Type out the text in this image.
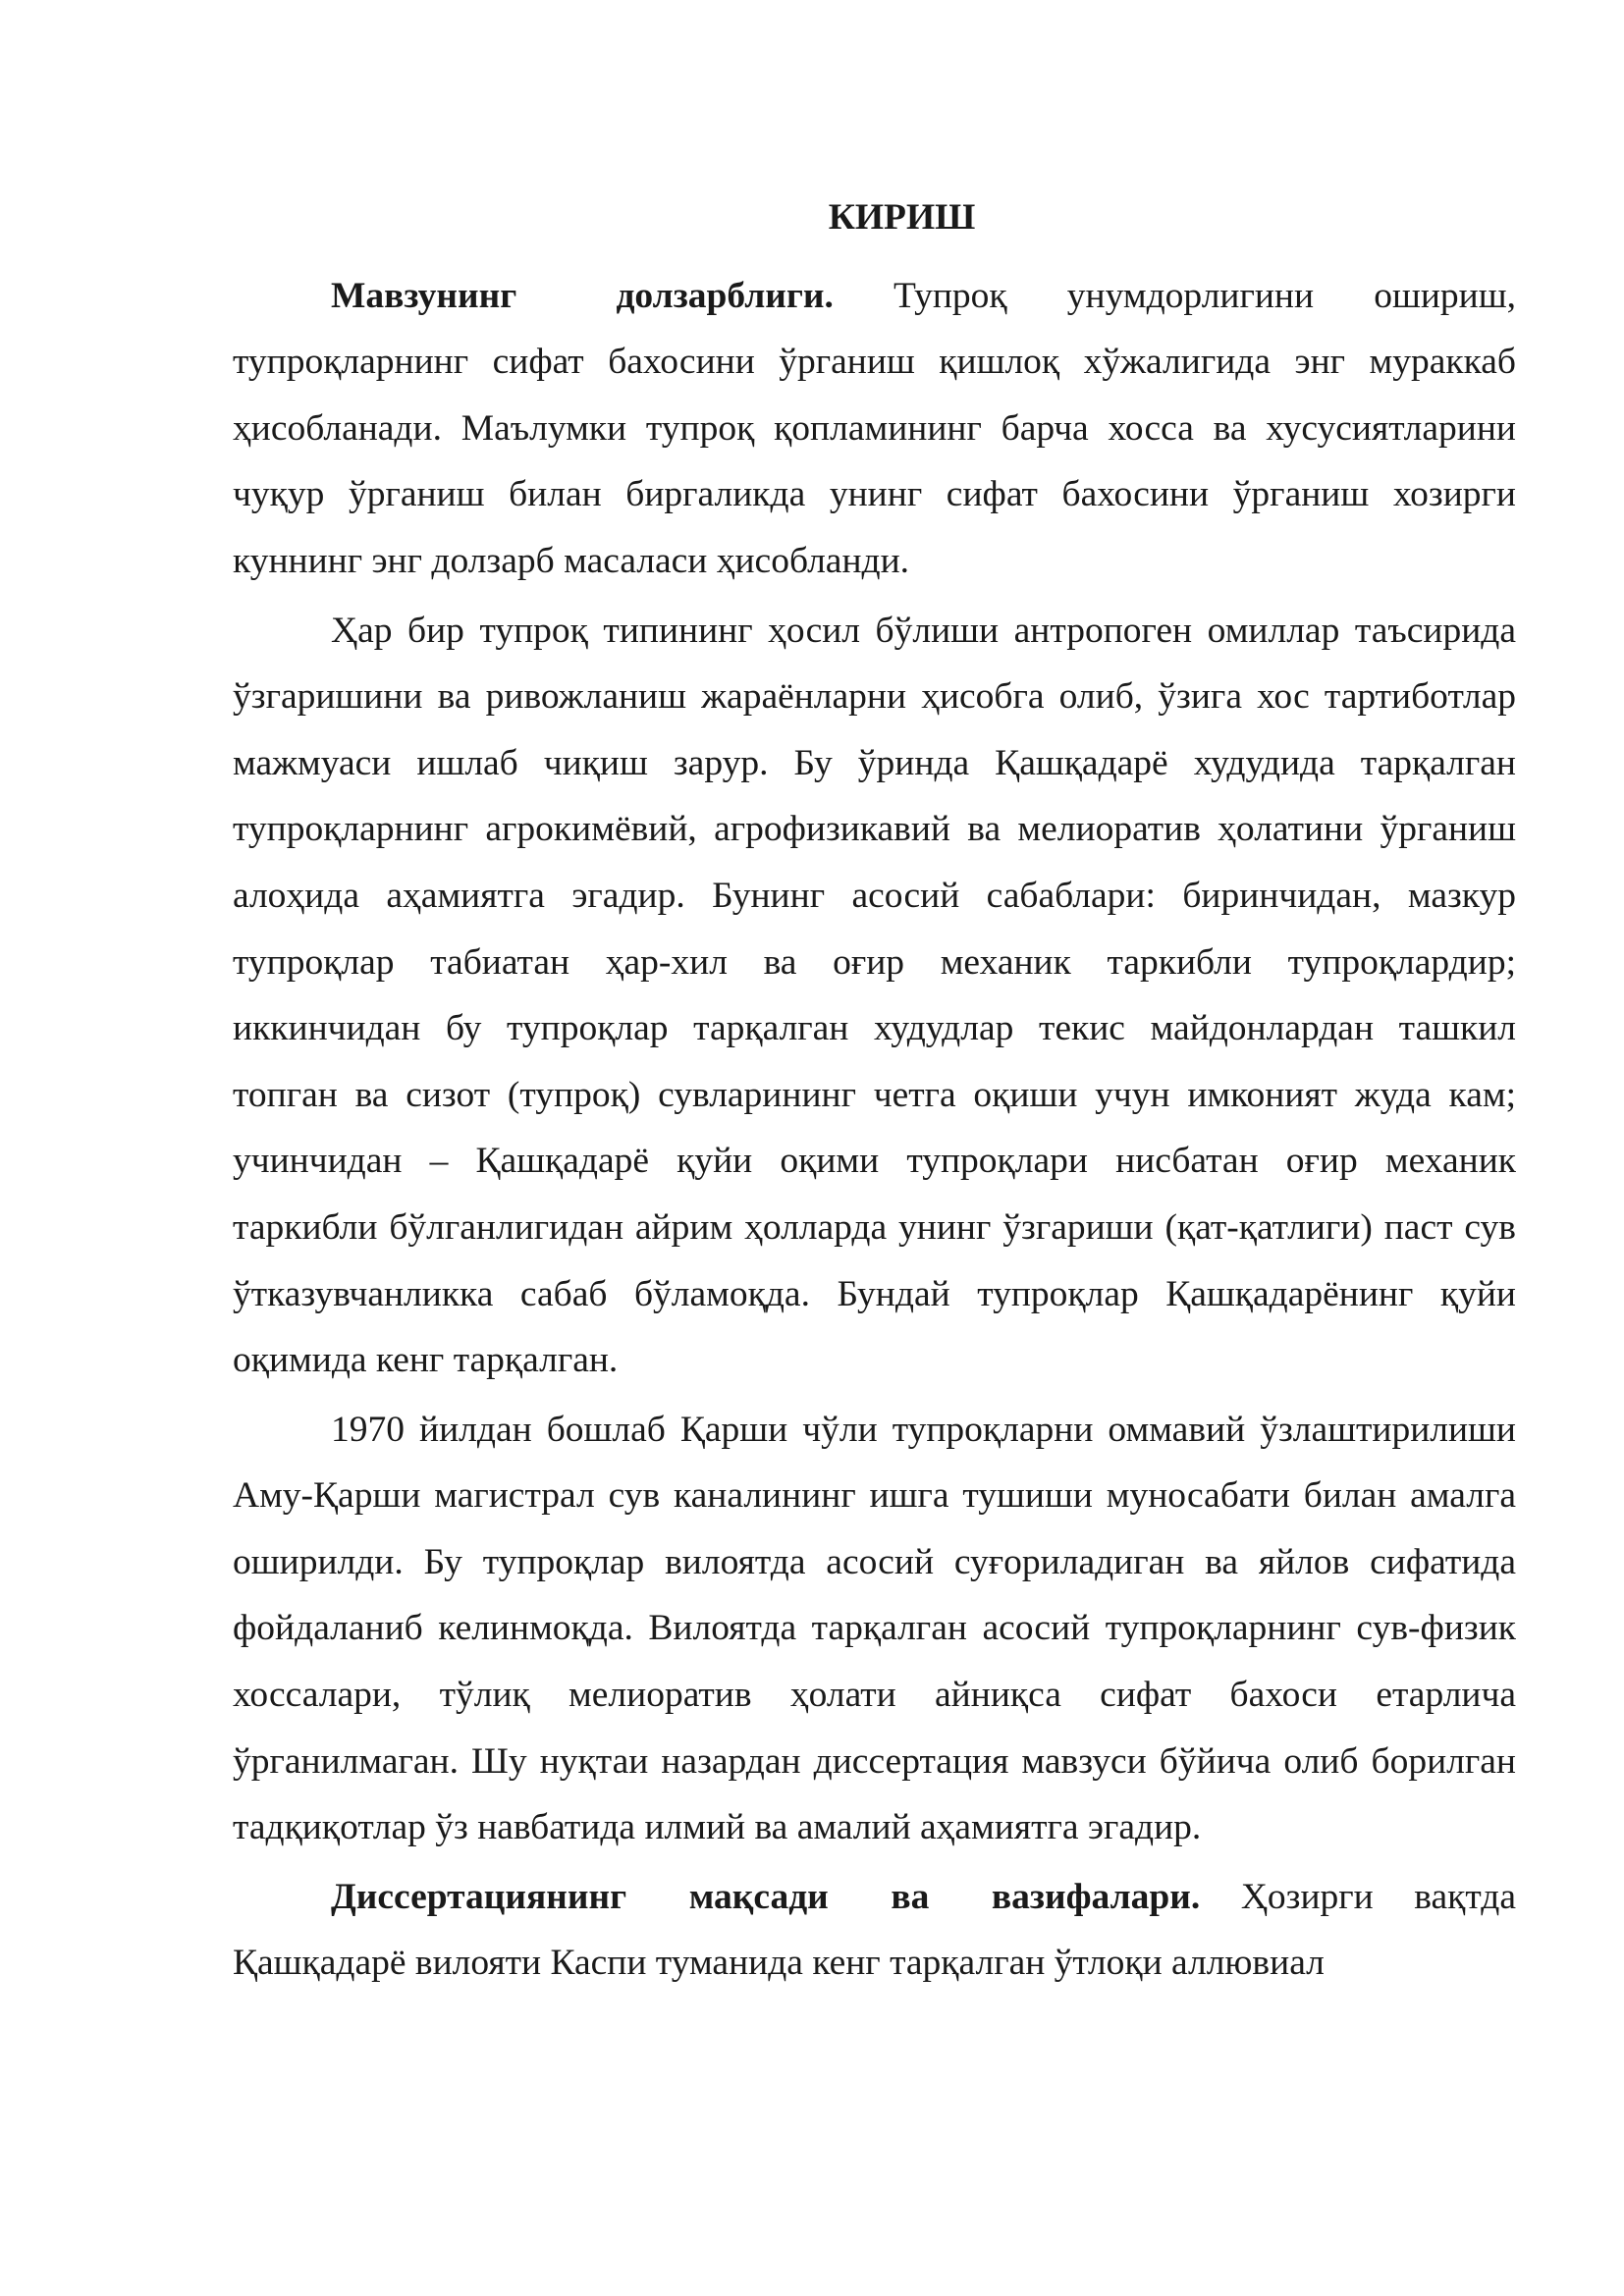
КИРИШ

Мавзунинг долзарблиги. Тупроқ унумдорлигини ошириш, тупроқларнинг сифат бахосини ўрганиш қишлоқ хўжалигида энг мураккаб ҳисобланади. Маълумки тупроқ қопламининг барча хосса ва хусусиятларини чуқур ўрганиш билан биргаликда унинг сифат бахосини ўрганиш хозирги куннинг энг долзарб масаласи ҳисобланди.

Ҳар бир тупроқ типининг ҳосил бўлиши антропоген омиллар таъсирида ўзгаришини ва ривожланиш жараёнларни ҳисобга олиб, ўзига хос тартиботлар мажмуаси ишлаб чиқиш зарур. Бу ўринда Қашқадарё худудида тарқалган тупроқларнинг агрокимёвий, агрофизикавий ва мелиоратив ҳолатини ўрганиш алоҳида аҳамиятга эгадир. Бунинг асосий сабаблари: биринчидан, мазкур тупроқлар табиатан ҳар-хил ва оғир механик таркибли тупроқлардир; иккинчидан бу тупроқлар тарқалган худудлар текис майдонлардан ташкил топган ва сизот (тупроқ) сувларининг четга оқиши учун имконият жуда кам; учинчидан – Қашқадарё қуйи оқими тупроқлари нисбатан оғир механик таркибли бўлганлигидан айрим ҳолларда унинг ўзгариши (қат-қатлиги) паст сув ўтказувчанликка сабаб бўламоқда. Бундай тупроқлар Қашқадарёнинг қуйи оқимида кенг тарқалган.

1970 йилдан бошлаб Қарши чўли тупроқларни оммавий ўзлаштирилиши Аму-Қарши магистрал сув каналининг ишга тушиши муносабати билан амалга оширилди. Бу тупроқлар вилоятда асосий суғориладиган ва яйлов сифатида фойдаланиб келинмоқда. Вилоятда тарқалган асосий тупроқларнинг сув-физик хоссалари, тўлиқ мелиоратив ҳолати айниқса сифат бахоси етарлича ўрганилмаган. Шу нуқтаи назардан диссертация мавзуси бўйича олиб борилган тадқиқотлар ўз навбатида илмий ва амалий аҳамиятга эгадир.

Диссертациянинг мақсади ва вазифалари. Ҳозирги вақтда Қашқадарё вилояти Каспи туманида кенг тарқалган ўтлоқи аллювиал
